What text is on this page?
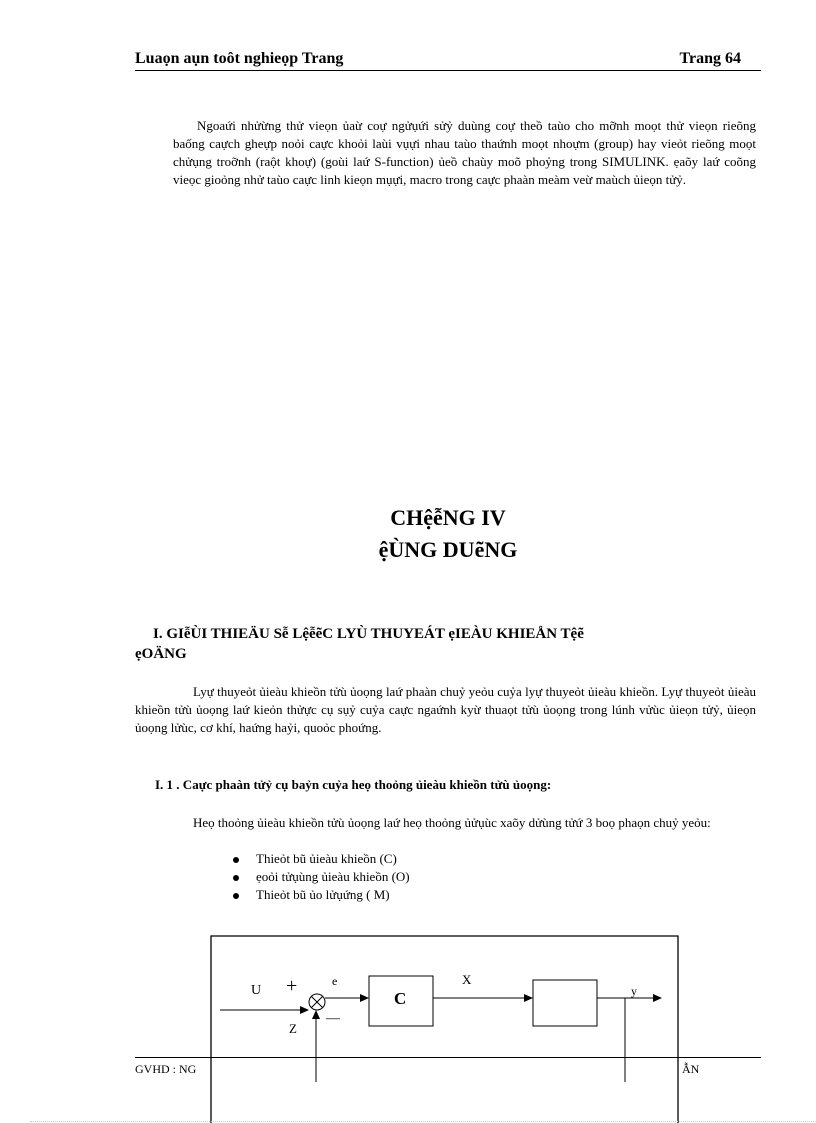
Luaọn aụn toôt nghieọp Trang	Trang 64

Ngoaứi nhửừng thử vieọn ủaừ coự ngửụứi sửỷ duùng coự theồ taùo cho mỡnh moọt thử vieọn rieõng baống caựch gheựp noỏi caực khoỏi laùi vụựi nhau taùo thaứnh moọt nhoựm (group) hay vieỏt rieõng moọt chửụng troỡnh (raột khoự) (goùi laứ S-function) ủeồ chaùy moõ phoỷng trong SIMULINK. ẹaõy laứ coõng vieọc gioỏng nhử taùo caực linh kieọn mụựi, macro trong caực phaàn meàm veừ maùch ủieọn tửỷ.

CHệễNG IV
ệÙNG DUẽNG
I. GIễÙI THIEÄU Sễ LệễẽC LYÙ THUYEÁT ẹIEÀU KHIEÅN Tệẽ
ẹOÄNG

Lyự thuyeỏt ủieàu khieồn tửù ủoọng laứ phaàn chuỷ yeỏu cuỷa lyự thuyeỏt ủieàu khieồn. Lyự thuyeỏt ủieàu khieồn tửù ủoọng laứ kieỏn thửực cụ sụỷ cuỷa caực ngaứnh kyừ thuaọt tửù ủoọng trong lúnh vửùc ủieọn tửỷ, ủieọn ủoọng lửùc, cơ khí, haứng haỷi, quoỏc phoứng.

I. 1 . Caực phaàn tửỷ cụ baỷn cuỷa heọ thoỏng ủieàu khieồn tửù ủoọng:

Heọ thoỏng ủieàu khieồn tửù ủoọng laứ heọ thoỏng ủửụùc xaõy dửùng tửứ 3 boọ phaọn chuỷ yeỏu:

Thieỏt bũ ủieàu khieồn (C)
ẹoỏi tửụùng ủieàu khieồn (O)
Thieỏt bũ ủo lửụứng ( M)
U +	e
—
Z
X
y
C
GVHD : NG	ẪN
